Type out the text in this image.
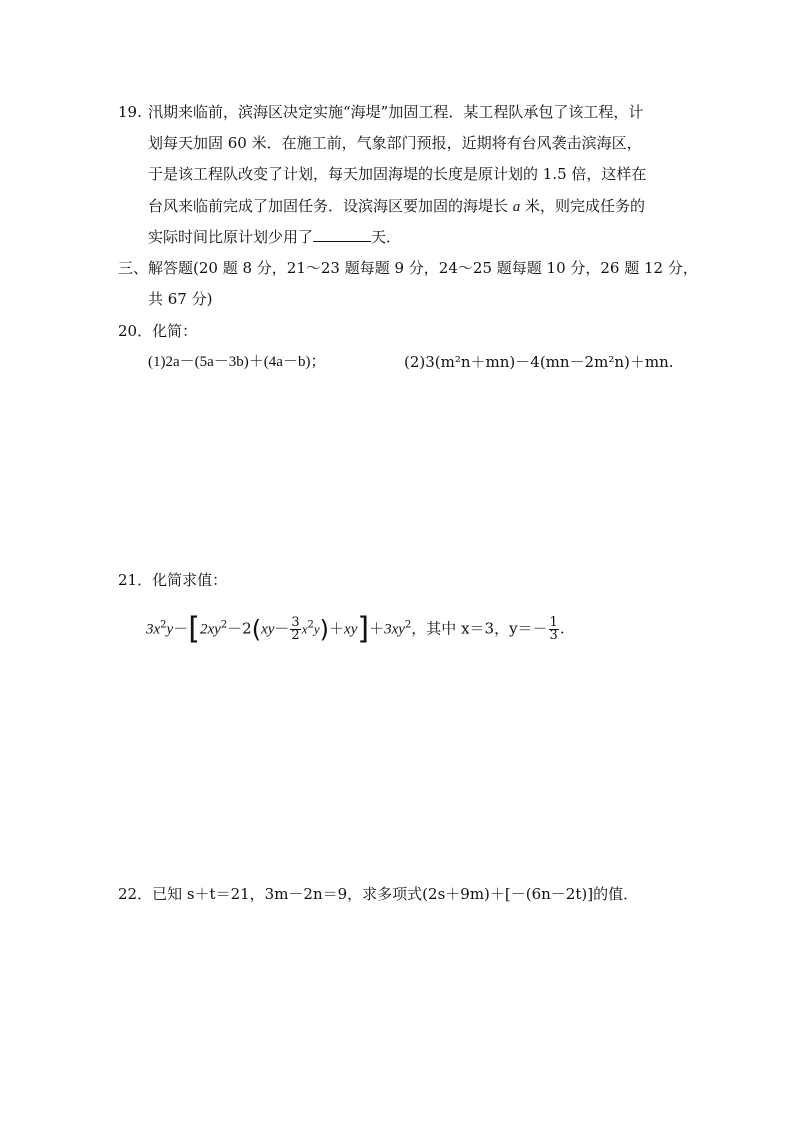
19. 汛期来临前，滨海区决定实施“海堤”加固工程．某工程队承包了该工程，计
划每天加固 60 米．在施工前，气象部门预报，近期将有台风袭击滨海区，
于是该工程队改变了计划，每天加固海堤的长度是原计划的 1.5 倍，这样在
台风来临前完成了加固任务．设滨海区要加固的海堤长 a 米，则完成任务的
实际时间比原计划少用了	天．
三、解答题(20 题 8 分，21～23 题每题 9 分，24～25 题每题 10 分，26 题 12 分，
共 67 分)
20．化简：
(1)2a－(5a－3b)＋(4a－b)；	(2)3(m²n＋mn)－4(mn－2m²n)＋mn.
21．化简求值：
$3x^2y-[2xy^2-2(xy- \frac{3}{2} x^2y)+xy]+3xy^2$，其中 x＝3，$y=- \frac{1}{3}$ .
22．已知 s＋t＝21，3m－2n＝9，求多项式(2s＋9m)＋[－(6n－2t)]的值．
